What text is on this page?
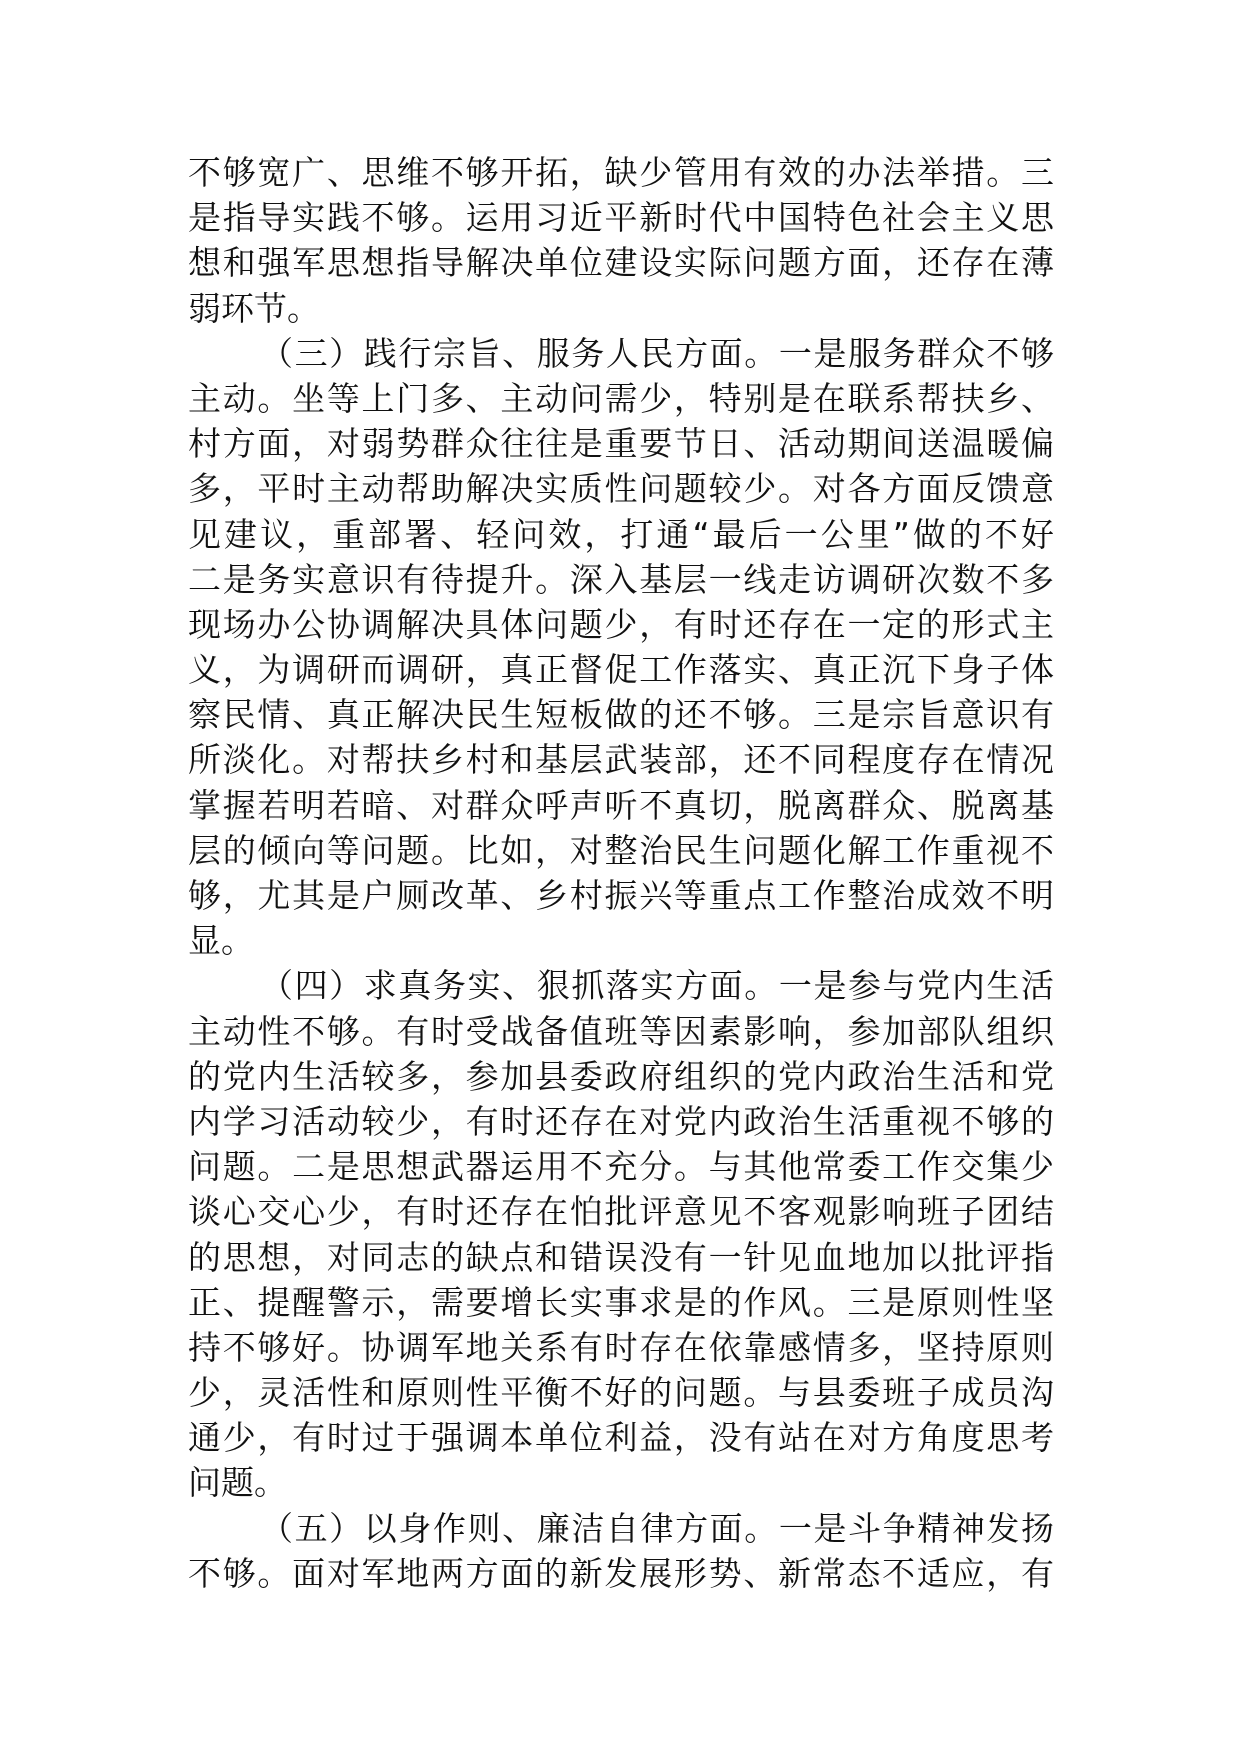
不够宽广、思维不够开拓，缺少管用有效的办法举措。三
是指导实践不够。运用习近平新时代中国特色社会主义思
想和强军思想指导解决单位建设实际问题方面，还存在薄
弱环节。
（三）践行宗旨、服务人民方面。一是服务群众不够
主动。坐等上门多、主动问需少，特别是在联系帮扶乡、
村方面，对弱势群众往往是重要节日、活动期间送温暖偏
多，平时主动帮助解决实质性问题较少。对各方面反馈意
见建议，重部署、轻问效，打通“最后一公里”做的不好
二是务实意识有待提升。深入基层一线走访调研次数不多
现场办公协调解决具体问题少，有时还存在一定的形式主
义，为调研而调研，真正督促工作落实、真正沉下身子体
察民情、真正解决民生短板做的还不够。三是宗旨意识有
所淡化。对帮扶乡村和基层武装部，还不同程度存在情况
掌握若明若暗、对群众呼声听不真切，脱离群众、脱离基
层的倾向等问题。比如，对整治民生问题化解工作重视不
够，尤其是户厕改革、乡村振兴等重点工作整治成效不明
显。
（四）求真务实、狠抓落实方面。一是参与党内生活
主动性不够。有时受战备值班等因素影响，参加部队组织
的党内生活较多，参加县委政府组织的党内政治生活和党
内学习活动较少，有时还存在对党内政治生活重视不够的
问题。二是思想武器运用不充分。与其他常委工作交集少
谈心交心少，有时还存在怕批评意见不客观影响班子团结
的思想，对同志的缺点和错误没有一针见血地加以批评指
正、提醒警示，需要增长实事求是的作风。三是原则性坚
持不够好。协调军地关系有时存在依靠感情多，坚持原则
少，灵活性和原则性平衡不好的问题。与县委班子成员沟
通少，有时过于强调本单位利益，没有站在对方角度思考
问题。
（五）以身作则、廉洁自律方面。一是斗争精神发扬
不够。面对军地两方面的新发展形势、新常态不适应，有
